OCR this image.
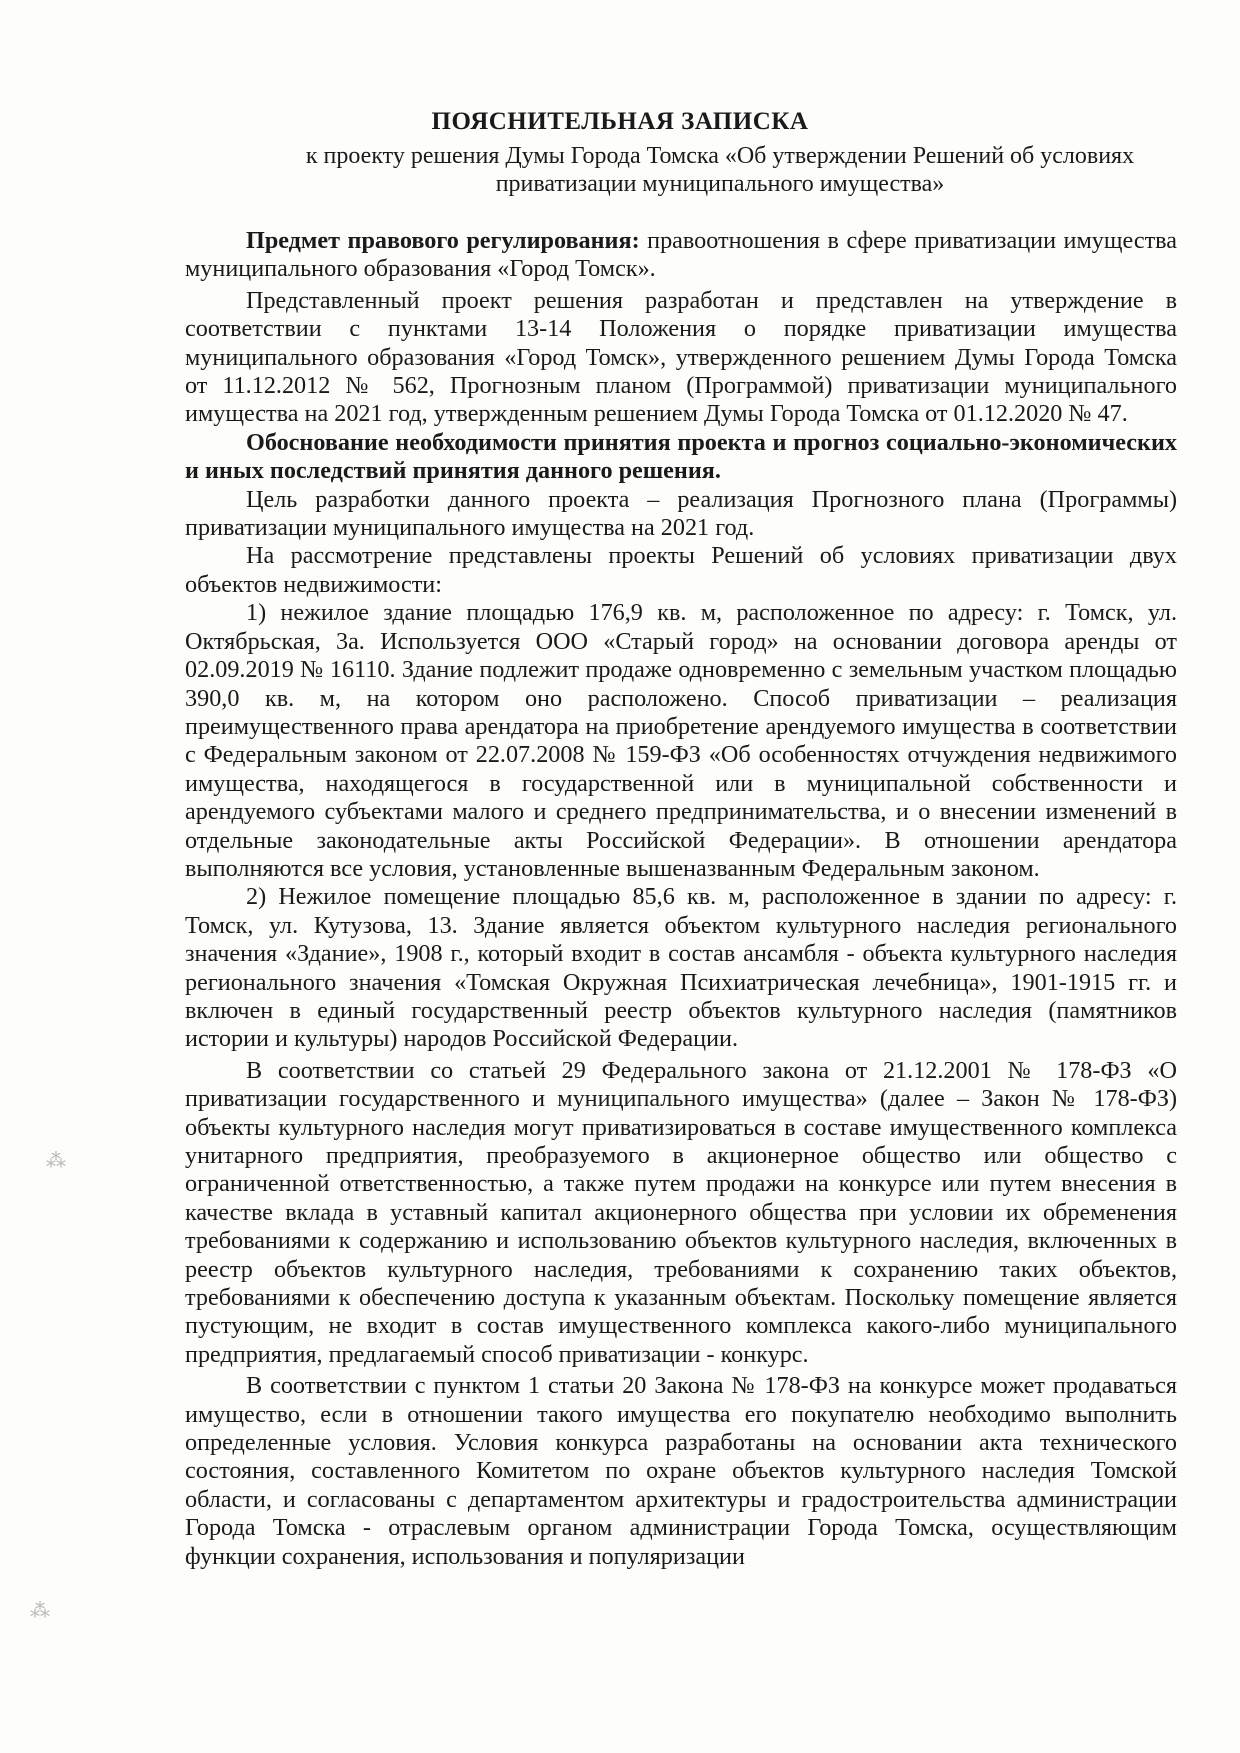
ПОЯСНИТЕЛЬНАЯ ЗАПИСКА

к проекту решения Думы Города Томска «Об утверждении Решений об условиях приватизации муниципального имущества»

Предмет правового регулирования: правоотношения в сфере приватизации имущества муниципального образования «Город Томск».

Представленный проект решения разработан и представлен на утверждение в соответствии с пунктами 13-14 Положения о порядке приватизации имущества муниципального образования «Город Томск», утвержденного решением Думы Города Томска от 11.12.2012 № 562, Прогнозным планом (Программой) приватизации муниципального имущества на 2021 год, утвержденным решением Думы Города Томска от 01.12.2020 № 47.

Обоснование необходимости принятия проекта и прогноз социально-экономических и иных последствий принятия данного решения.

Цель разработки данного проекта – реализация Прогнозного плана (Программы) приватизации муниципального имущества на 2021 год.

На рассмотрение представлены проекты Решений об условиях приватизации двух объектов недвижимости:

1) нежилое здание площадью 176,9 кв. м, расположенное по адресу: г. Томск, ул. Октябрьская, 3а. Используется ООО «Старый город» на основании договора аренды от 02.09.2019 № 16110. Здание подлежит продаже одновременно с земельным участком площадью 390,0 кв. м, на котором оно расположено. Способ приватизации – реализация преимущественного права арендатора на приобретение арендуемого имущества в соответствии с Федеральным законом от 22.07.2008 № 159-ФЗ «Об особенностях отчуждения недвижимого имущества, находящегося в государственной или в муниципальной собственности и арендуемого субъектами малого и среднего предпринимательства, и о внесении изменений в отдельные законодательные акты Российской Федерации». В отношении арендатора выполняются все условия, установленные вышеназванным Федеральным законом.

2) Нежилое помещение площадью 85,6 кв. м, расположенное в здании по адресу: г. Томск, ул. Кутузова, 13. Здание является объектом культурного наследия регионального значения «Здание», 1908 г., который входит в состав ансамбля - объекта культурного наследия регионального значения «Томская Окружная Психиатрическая лечебница», 1901-1915 гг. и включен в единый государственный реестр объектов культурного наследия (памятников истории и культуры) народов Российской Федерации.

В соответствии со статьей 29 Федерального закона от 21.12.2001 № 178-ФЗ «О приватизации государственного и муниципального имущества» (далее – Закон № 178-ФЗ) объекты культурного наследия могут приватизироваться в составе имущественного комплекса унитарного предприятия, преобразуемого в акционерное общество или общество с ограниченной ответственностью, а также путем продажи на конкурсе или путем внесения в качестве вклада в уставный капитал акционерного общества при условии их обременения требованиями к содержанию и использованию объектов культурного наследия, включенных в реестр объектов культурного наследия, требованиями к сохранению таких объектов, требованиями к обеспечению доступа к указанным объектам. Поскольку помещение является пустующим, не входит в состав имущественного комплекса какого-либо муниципального предприятия, предлагаемый способ приватизации - конкурс.

В соответствии с пунктом 1 статьи 20 Закона № 178-ФЗ на конкурсе может продаваться имущество, если в отношении такого имущества его покупателю необходимо выполнить определенные условия. Условия конкурса разработаны на основании акта технического состояния, составленного Комитетом по охране объектов культурного наследия Томской области, и согласованы с департаментом архитектуры и градостроительства администрации Города Томска - отраслевым органом администрации Города Томска, осуществляющим функции сохранения, использования и популяризации

⁂
⁂
